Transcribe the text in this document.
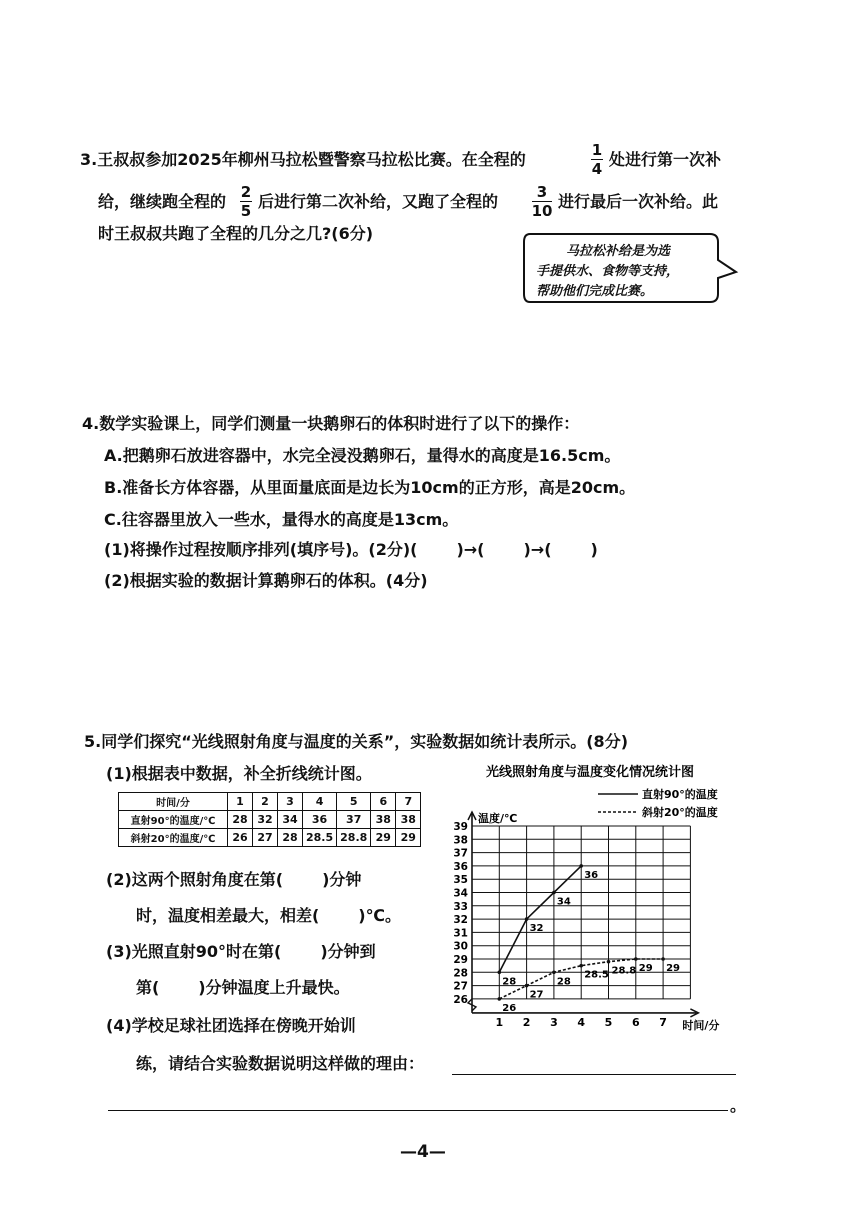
3.王叔叔参加2025年柳州马拉松暨警察马拉松比赛。在全程的	1
4 处进行第一次补
给，继续跑全程的 2
5 后进行第二次补给，又跑了全程的	3
10 进行最后一次补给。此
时王叔叔共跑了全程的几分之几?(6分)
马拉松补给是为选
手提供水、食物等支持，
帮助他们完成比赛。
4.数学实验课上，同学们测量一块鹅卵石的体积时进行了以下的操作：
A.把鹅卵石放进容器中，水完全浸没鹅卵石，量得水的高度是16.5cm。
B.准备长方体容器，从里面量底面是边长为10cm的正方形，高是20cm。
C.往容器里放入一些水，量得水的高度是13cm。
(1)将操作过程按顺序排列(填序号)。(2分)(       )→(       )→(       )
(2)根据实验的数据计算鹅卵石的体积。(4分)
5.同学们探究“光线照射角度与温度的关系”，实验数据如统计表所示。(8分)
(1)根据表中数据，补全折线统计图。
时间/分	1	2	3	4	5	6	7
直射90°的温度/℃	28	32	34	36	37	38	38
斜射20°的温度/℃	26	27	28	28.5	28.8	29	29
(2)这两个照射角度在第(       )分钟
时，温度相差最大，相差(       )℃。
(3)光照直射90°时在第(       )分钟到
第(       )分钟温度上升最快。
(4)学校足球社团选择在傍晚开始训
练，请结合实验数据说明这样做的理由：
。
光线照射角度与温度变化情况统计图
直射90°的温度
斜射20°的温度
26
27
28
29
30
31
32
33
34
35
36
37
38
39
温度/℃
1 2 3 4 5 6 7 时间/分
28
32
34
36
26
27
28
28.5 28.8 29 29
—4—
